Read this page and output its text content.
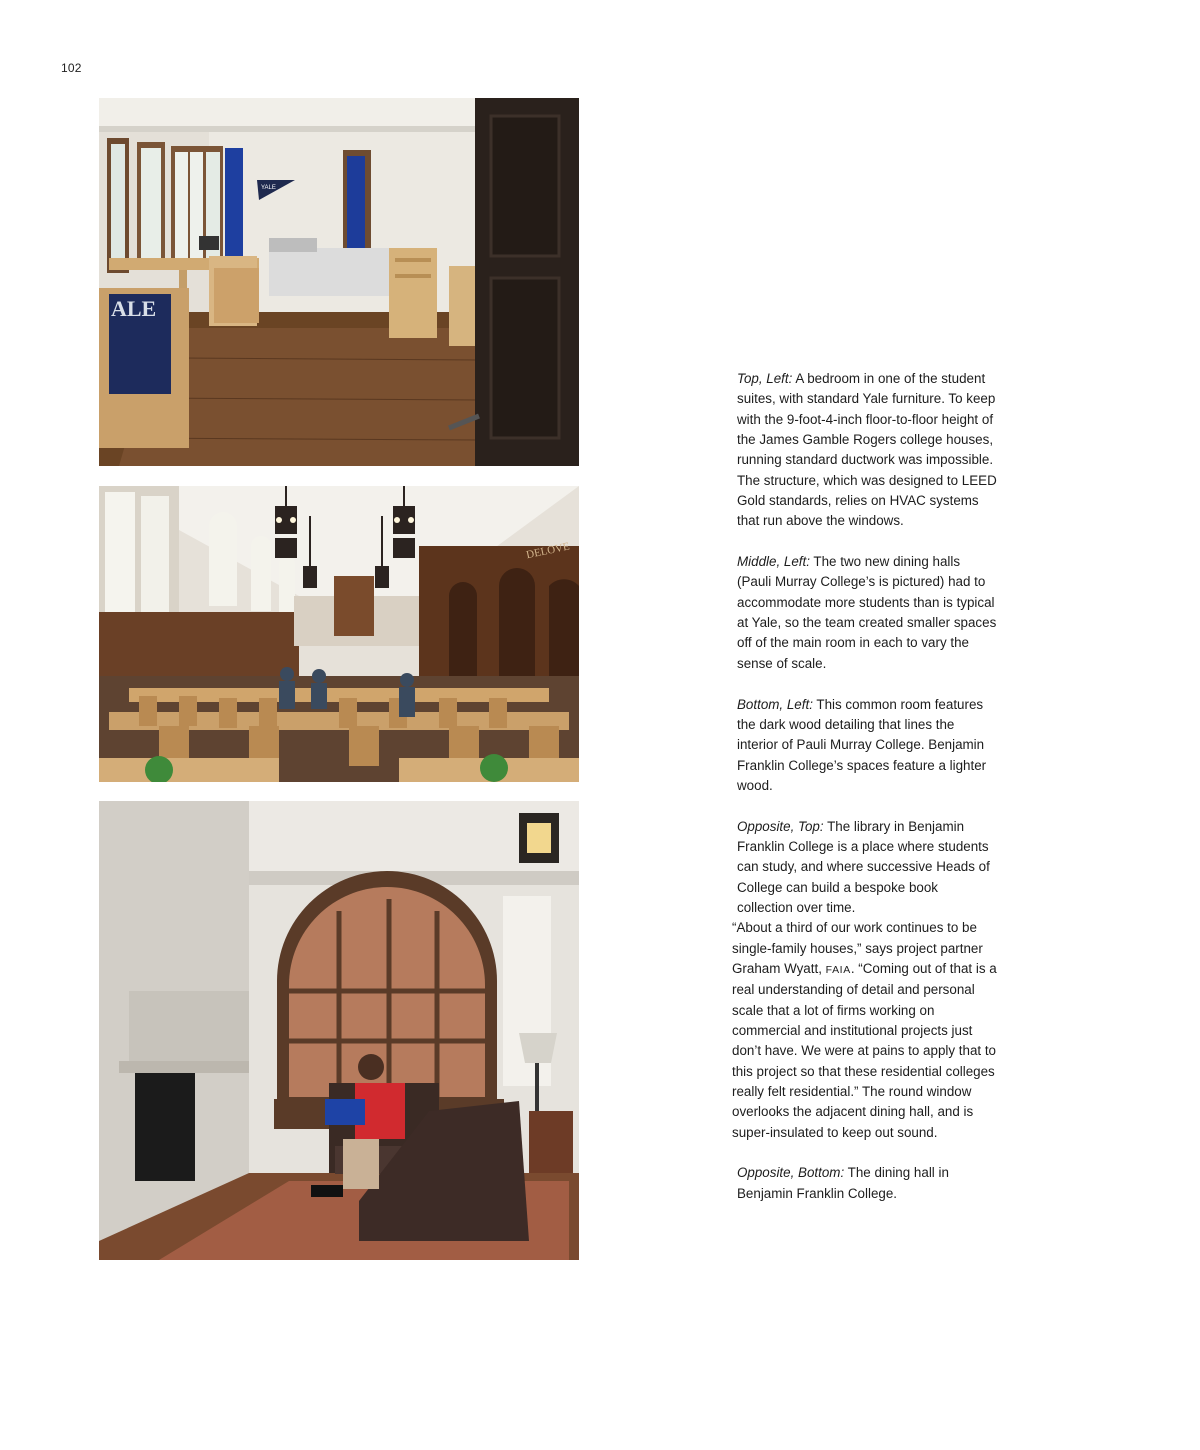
102
YALE
ALE
DELOVE

Top, Left: A bedroom in one of the student suites, with standard Yale furniture. To keep with the 9-foot-4-inch floor-to-floor height of the James Gamble Rogers college houses, running standard ductwork was impossible. The structure, which was designed to LEED Gold standards, relies on HVAC systems that run above the windows.

Middle, Left: The two new dining halls (Pauli Murray College’s is pictured) had to accommodate more students than is typical at Yale, so the team created smaller spaces off of the main room in each to vary the sense of scale.

Bottom, Left: This common room features the dark wood detailing that lines the interior of Pauli Murray College. Benjamin Franklin College’s spaces feature a lighter wood.

Opposite, Top: The library in Benjamin Franklin College is a place where students can study, and where successive Heads of College can build a bespoke book collection over time.
“About a third of our work continues to be single-family houses,” says project partner Graham Wyatt, FAIA. “Coming out of that is a real understanding of detail and personal scale that a lot of firms working on commercial and institutional projects just don’t have. We were at pains to apply that to this project so that these residential colleges really felt residential.” The round window overlooks the adjacent dining hall, and is super-insulated to keep out sound.

Opposite, Bottom: The dining hall in Benjamin Franklin College.
